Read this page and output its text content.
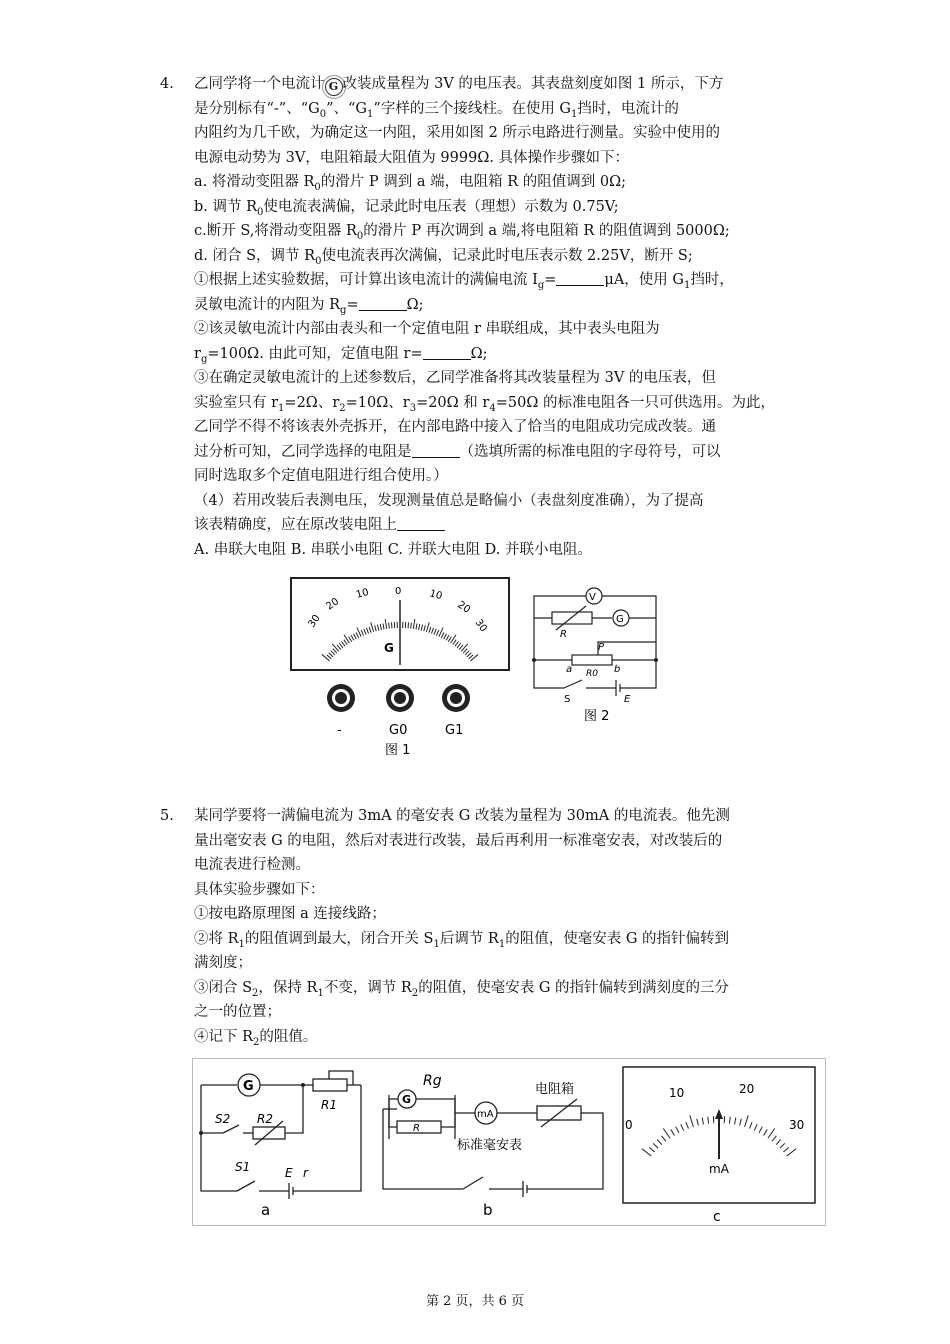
4. 乙同学将一个电流计 G 改装成量程为 3V 的电压表。其表盘刻度如图 1 所示，下方
是分别标有“-”、“$G_0$”、“$G_1$”字样的三个接线柱。在使用 $G_1$挡时，电流计的
内阻约为几千欧，为确定这一内阻，采用如图 2 所示电路进行测量。实验中使用的
电源电动势为 3V，电阻箱最大阻值为 9999Ω. 具体操作步骤如下：
a. 将滑动变阻器 $R_0$的滑片 P 调到 a 端，电阻箱 R 的阻值调到 0Ω;
b. 调节 $R_0$使电流表满偏，记录此时电压表（理想）示数为 0.75V;
c.断开 S,将滑动变阻器 $R_0$的滑片 P 再次调到 a 端,将电阻箱 R 的阻值调到 5000Ω;
d. 闭合 S，调节 $R_0$使电流表再次满偏，记录此时电压表示数 2.25V，断开 S;
①根据上述实验数据，可计算出该电流计的满偏电流 $I_g=$	μA，使用 $G_1$挡时，
灵敏电流计的内阻为 $R_g=$	Ω;
②该灵敏电流计内部由表头和一个定值电阻 r 串联组成，其中表头电阻为
$r_g=100\Omega$. 由此可知，定值电阻 r=	Ω;
③在确定灵敏电流计的上述参数后，乙同学准备将其改装量程为 3V 的电压表，但
实验室只有 $r_1=2\Omega$、$r_2=10\Omega$、$r_3=20\Omega$ 和 $r_4=50\Omega$ 的标准电阻各一只可供选用。为此，
乙同学不得不将该表外壳拆开，在内部电路中接入了恰当的电阻成功完成改装。通
过分析可知，乙同学选择的电阻是	（选填所需的标准电阻的字母符号，可以
同时选取多个定值电阻进行组合使用。）
（4）若用改装后表测电压，发现测量值总是略偏小（表盘刻度准确），为了提高
该表精确度，应在原改装电阻上
A. 串联大电阻 B. 串联小电阻 C. 并联大电阻 D. 并联小电阻。
30
20
10 0	10
20
30
G
-	G0	G1
图 1
V
G
R
P
a R0 b
S	E
图 2
5. 某同学要将一满偏电流为 3mA 的毫安表 G 改装为量程为 30mA 的电流表。他先测
量出毫安表 G 的电阻，然后对表进行改装，最后再利用一标准毫安表，对改装后的
电流表进行检测。
具体实验步骤如下：
①按电路原理图 a 连接线路；
②将 $R_1$的阻值调到最大，闭合开关 $S_1$后调节 $R_1$的阻值，使毫安表 G 的指针偏转到
满刻度；
③闭合 $S_2$，保持 $R_1$不变，调节 $R_2$的阻值，使毫安表 G 的指针偏转到满刻度的三分
之一的位置；
④记下 $R_2$的阻值。
G
R1
S2 R2
S1	E r
a
Rg
G
R
mA
电阻箱
标准毫安表
b
0
10	20
30
mA
c
第 2 页，共 6 页
